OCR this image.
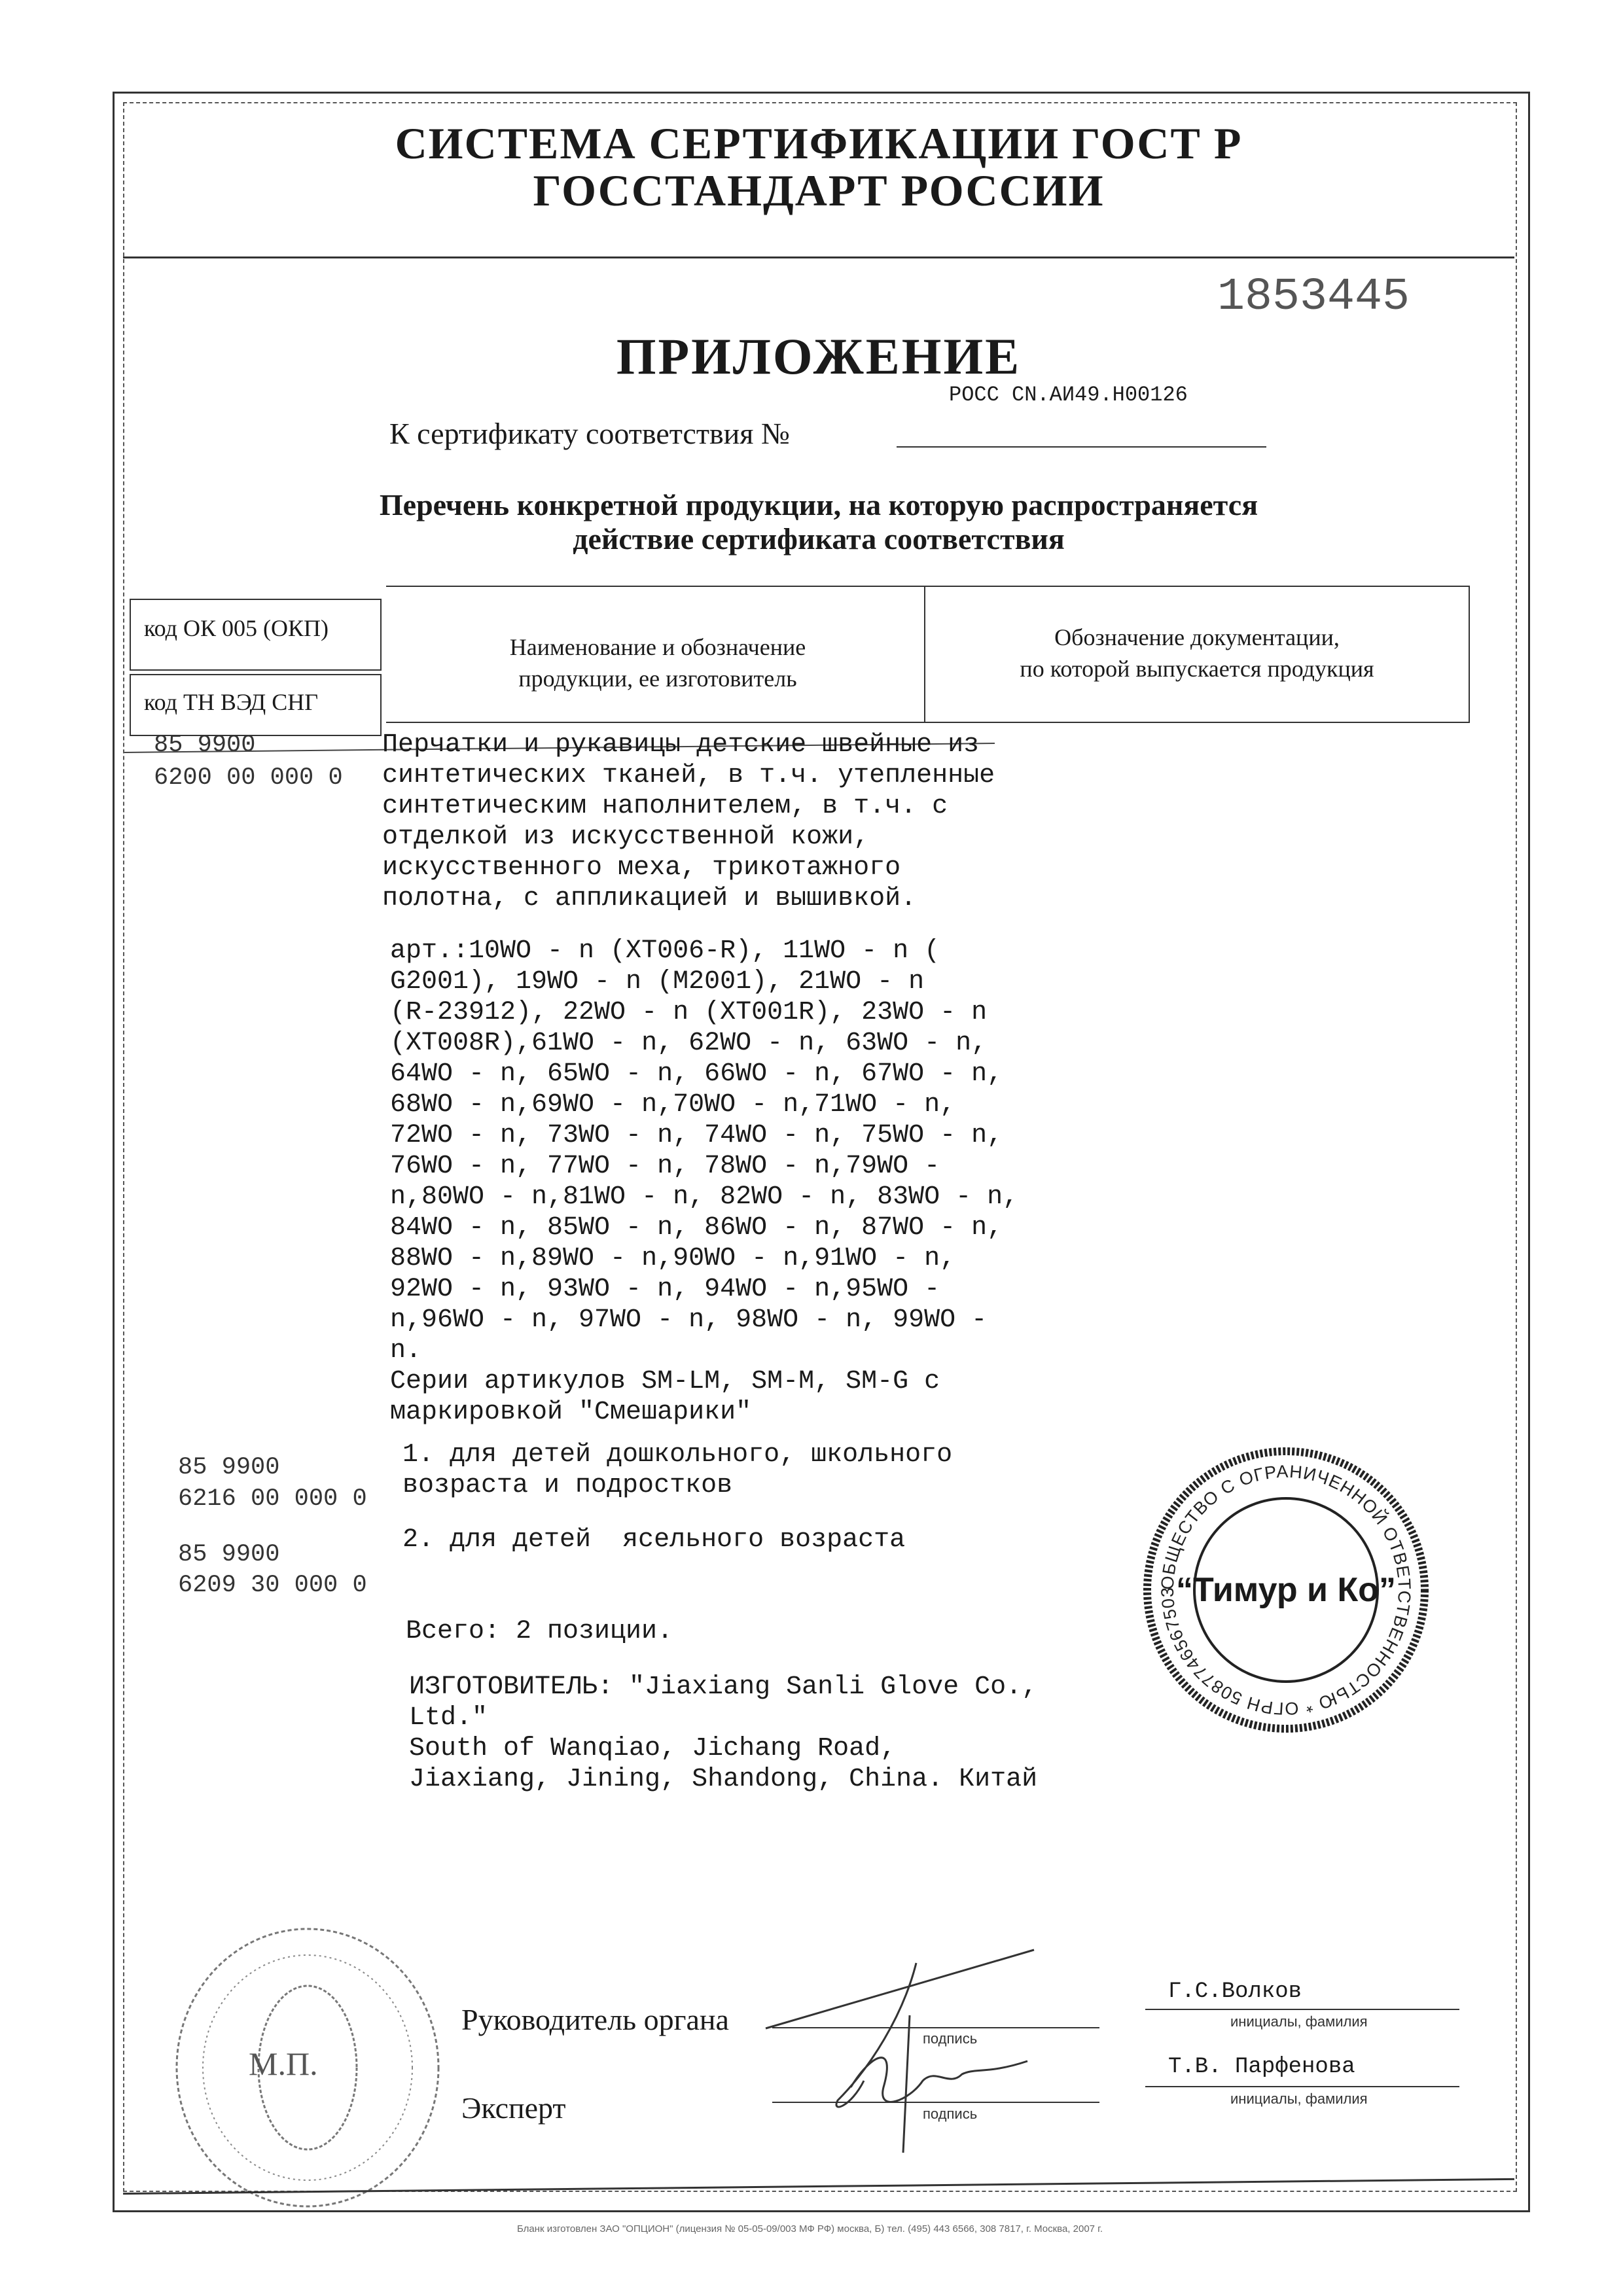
СИСТЕМА СЕРТИФИКАЦИИ ГОСТ Р
ГОССТАНДАРТ РОССИИ
1853445
ПРИЛОЖЕНИЕ
РОСС CN.АИ49.Н00126
К сертификату соответствия №
Перечень конкретной продукции, на которую распространяется
действие сертификата соответствия
код ОК 005 (ОКП)
код ТН ВЭД СНГ
Наименование и обозначение
продукции, ее изготовитель
Обозначение документации,
по которой выпускается продукция
85 9900
6200 00 000 0
Перчатки и рукавицы детские швейные из
синтетических тканей, в т.ч. утепленные
синтетическим наполнителем, в т.ч. с
отделкой из искусственной кожи,
искусственного меха, трикотажного
полотна, с аппликацией и вышивкой.
арт.:10WO - n (XT006-R), 11WO - n (
G2001), 19WO - n (M2001), 21WO - n
(R-23912), 22WO - n (XT001R), 23WO - n
(XT008R),61WO - n, 62WO - n, 63WO - n,
64WO - n, 65WO - n, 66WO - n, 67WO - n,
68WO - n,69WO - n,70WO - n,71WO - n,
72WO - n, 73WO - n, 74WO - n, 75WO - n,
76WO - n, 77WO - n, 78WO - n,79WO -
n,80WO - n,81WO - n, 82WO - n, 83WO - n,
84WO - n, 85WO - n, 86WO - n, 87WO - n,
88WO - n,89WO - n,90WO - n,91WO - n,
92WO - n, 93WO - n, 94WO - n,95WO -
n,96WO - n, 97WO - n, 98WO - n, 99WO -
n.
Серии артикулов SM-LM, SM-M, SM-G с
маркировкой "Смешарики"
85 9900
6216 00 000 0
1. для детей дошкольного, школьного
возраста и подростков
85 9900
6209 30 000 0
2. для детей  ясельного возраста
Всего: 2 позиции.
ИЗГОТОВИТЕЛЬ: "Jiaxiang Sanli Glove Co.,
Ltd."
South of Wanqiao, Jichang Road,
Jiaxiang, Jining, Shandong, China. Китай
ОБЩЕСТВО С ОГРАНИЧЕННОЙ ОТВЕТСТВЕННОСТЬЮ * ОГРН 5087746567503
“Тимур и Ко”
М.П.
Руководитель органа
подпись
Г.С.Волков
инициалы, фамилия
Эксперт	подпись
Т.В. Парфенова
инициалы, фамилия
Бланк изготовлен ЗАО "ОПЦИОН" (лицензия № 05-05-09/003 МФ РФ) москва, Б) тел. (495) 443 6566, 308 7817, г. Москва, 2007 г.
